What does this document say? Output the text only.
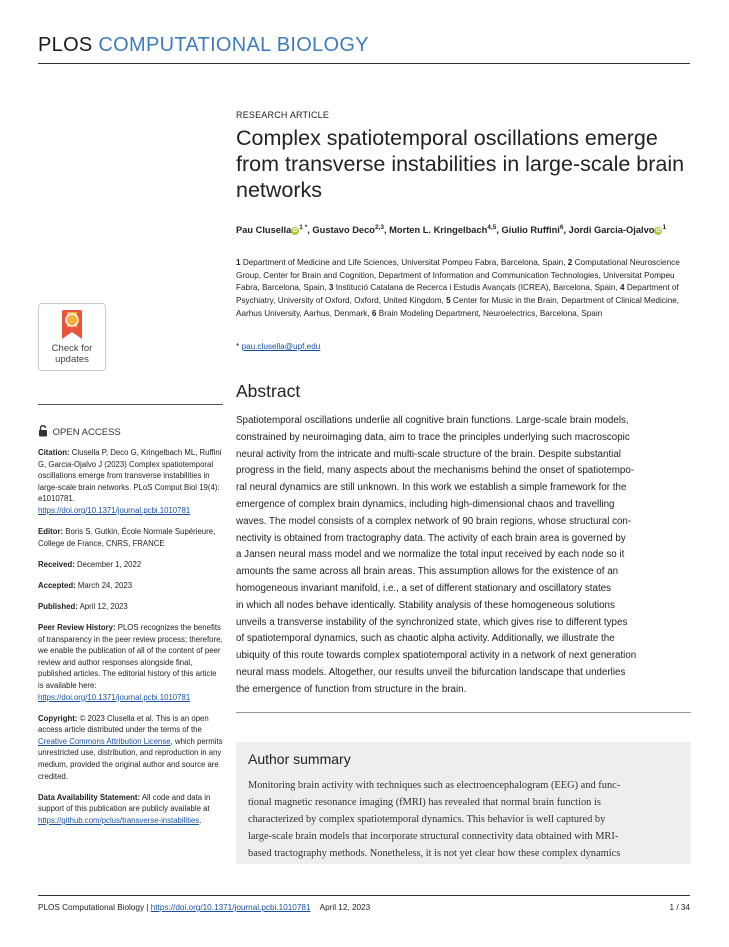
PLOS COMPUTATIONAL BIOLOGY
Check for
updates
OPEN ACCESS

Citation: Clusella P, Deco G, Kringelbach ML, Ruffini G, Garcia-Ojalvo J (2023) Complex spatiotemporal oscillations emerge from transverse instabilities in large-scale brain networks. PLoS Comput Biol 19(4): e1010781. https://doi.org/10.1371/journal.pcbi.1010781

Editor: Boris S. Gutkin, École Normale Supérieure, College de France, CNRS, FRANCE

Received: December 1, 2022

Accepted: March 24, 2023

Published: April 12, 2023

Peer Review History: PLOS recognizes the benefits of transparency in the peer review process; therefore, we enable the publication of all of the content of peer review and author responses alongside final, published articles. The editorial history of this article is available here: https://doi.org/10.1371/journal.pcbi.1010781

Copyright: © 2023 Clusella et al. This is an open access article distributed under the terms of the Creative Commons Attribution License, which permits unrestricted use, distribution, and reproduction in any medium, provided the original author and source are credited.

Data Availability Statement: All code and data in support of this publication are publicly available at https://github.com/pclus/transverse-instabilities.

RESEARCH ARTICLE
Complex spatiotemporal oscillations emerge from transverse instabilities in large-scale brain networks
Pau Clusella iD $^{1 *}$, Gustavo Deco$^{2,3}$, Morten L. Kringelbach$^{4,5}$, Giulio Ruffini$^6$, Jordi Garcia-Ojalvo iD $^1$
1 Department of Medicine and Life Sciences, Universitat Pompeu Fabra, Barcelona, Spain, 2 Computational Neuroscience Group, Center for Brain and Cognition, Department of Information and Communication Technologies, Universitat Pompeu Fabra, Barcelona, Spain, 3 Institució Catalana de Recerca i Estudis Avançats (ICREA), Barcelona, Spain, 4 Department of Psychiatry, University of Oxford, Oxford, United Kingdom, 5 Center for Music in the Brain, Department of Clinical Medicine, Aarhus University, Aarhus, Denmark, 6 Brain Modeling Department, Neuroelectrics, Barcelona, Spain
* pau.clusella@upf.edu
Abstract
Spatiotemporal oscillations underlie all cognitive brain functions. Large-scale brain models,
constrained by neuroimaging data, aim to trace the principles underlying such macroscopic
neural activity from the intricate and multi-scale structure of the brain. Despite substantial
progress in the field, many aspects about the mechanisms behind the onset of spatiotempo-
ral neural dynamics are still unknown. In this work we establish a simple framework for the
emergence of complex brain dynamics, including high-dimensional chaos and travelling
waves. The model consists of a complex network of 90 brain regions, whose structural con-
nectivity is obtained from tractography data. The activity of each brain area is governed by
a Jansen neural mass model and we normalize the total input received by each node so it
amounts the same across all brain areas. This assumption allows for the existence of an
homogeneous invariant manifold, i.e., a set of different stationary and oscillatory states
in which all nodes behave identically. Stability analysis of these homogeneous solutions
unveils a transverse instability of the synchronized state, which gives rise to different types
of spatiotemporal dynamics, such as chaotic alpha activity. Additionally, we illustrate the
ubiquity of this route towards complex spatiotemporal activity in a network of next generation
neural mass models. Altogether, our results unveil the bifurcation landscape that underlies
the emergence of function from structure in the brain.
Author summary
Monitoring brain activity with techniques such as electroencephalogram (EEG) and func-
tional magnetic resonance imaging (fMRI) has revealed that normal brain function is
characterized by complex spatiotemporal dynamics. This behavior is well captured by
large-scale brain models that incorporate structural connectivity data obtained with MRI-
based tractography methods. Nonetheless, it is not yet clear how these complex dynamics
PLOS Computational Biology | https://doi.org/10.1371/journal.pcbi.1010781 April 12, 2023	1 / 34
